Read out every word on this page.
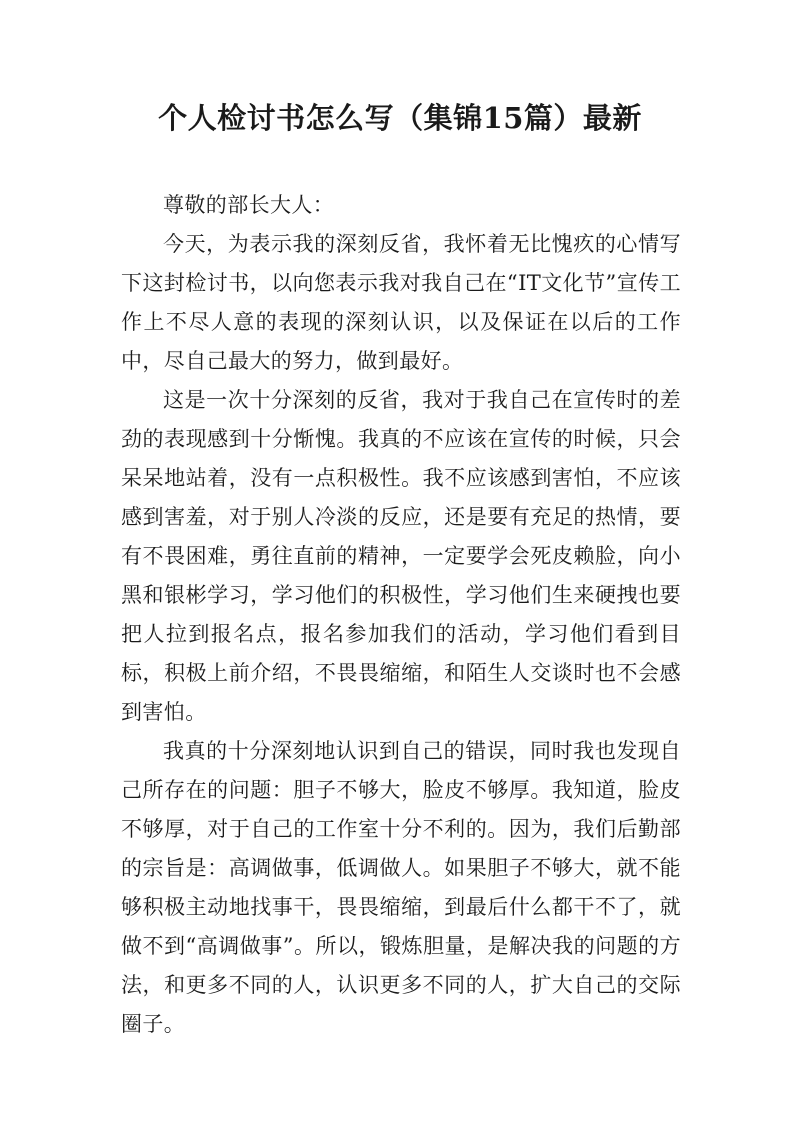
个人检讨书怎么写（集锦15篇）最新

尊敬的部长大人：

今天，为表示我的深刻反省，我怀着无比愧疚的心情写下这封检讨书，以向您表示我对我自己在“IT文化节”宣传工作上不尽人意的表现的深刻认识，以及保证在以后的工作中，尽自己最大的努力，做到最好。

这是一次十分深刻的反省，我对于我自己在宣传时的差劲的表现感到十分惭愧。我真的不应该在宣传的时候，只会呆呆地站着，没有一点积极性。我不应该感到害怕，不应该感到害羞，对于别人冷淡的反应，还是要有充足的热情，要有不畏困难，勇往直前的精神，一定要学会死皮赖脸，向小黑和银彬学习，学习他们的积极性，学习他们生来硬拽也要把人拉到报名点，报名参加我们的活动，学习他们看到目标，积极上前介绍，不畏畏缩缩，和陌生人交谈时也不会感到害怕。

我真的十分深刻地认识到自己的错误，同时我也发现自己所存在的问题：胆子不够大，脸皮不够厚。我知道，脸皮不够厚，对于自己的工作室十分不利的。因为，我们后勤部的宗旨是：高调做事，低调做人。如果胆子不够大，就不能够积极主动地找事干，畏畏缩缩，到最后什么都干不了，就做不到“高调做事”。所以，锻炼胆量，是解决我的问题的方法，和更多不同的人，认识更多不同的人，扩大自己的交际圈子。
